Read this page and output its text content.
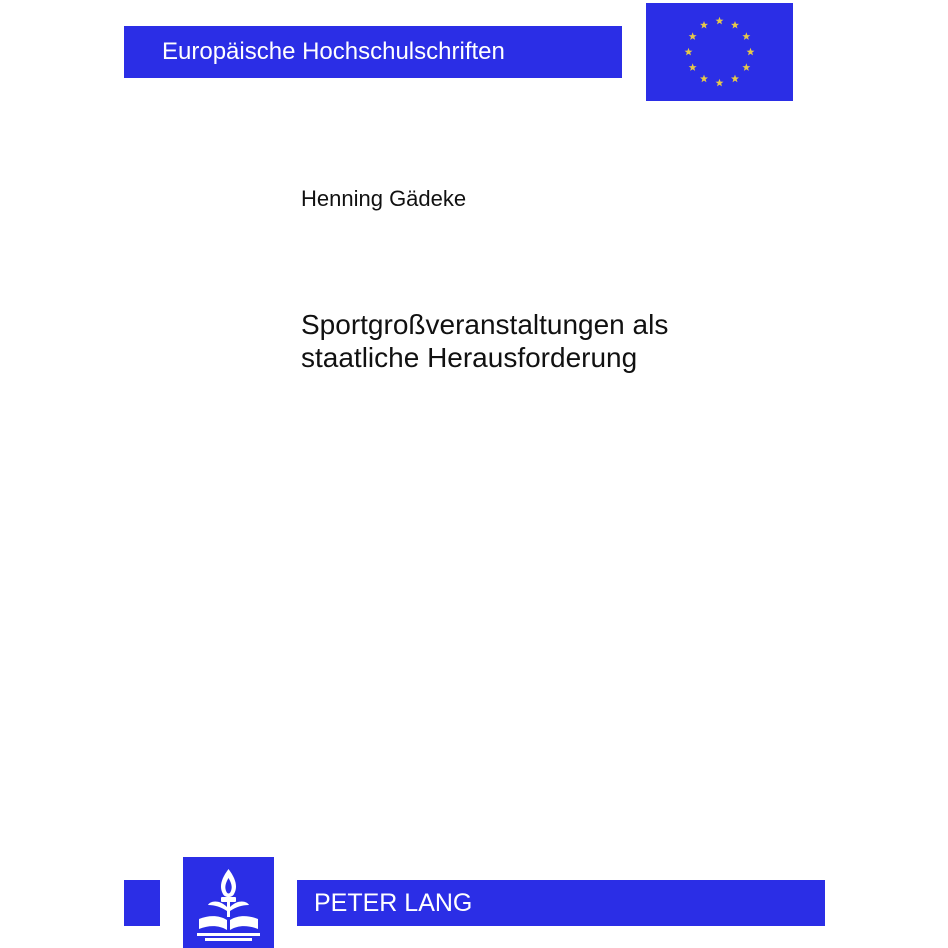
Europäische Hochschulschriften
Henning Gädeke
Sportgroßveranstaltungen als
staatliche Herausforderung
PETER LANG
